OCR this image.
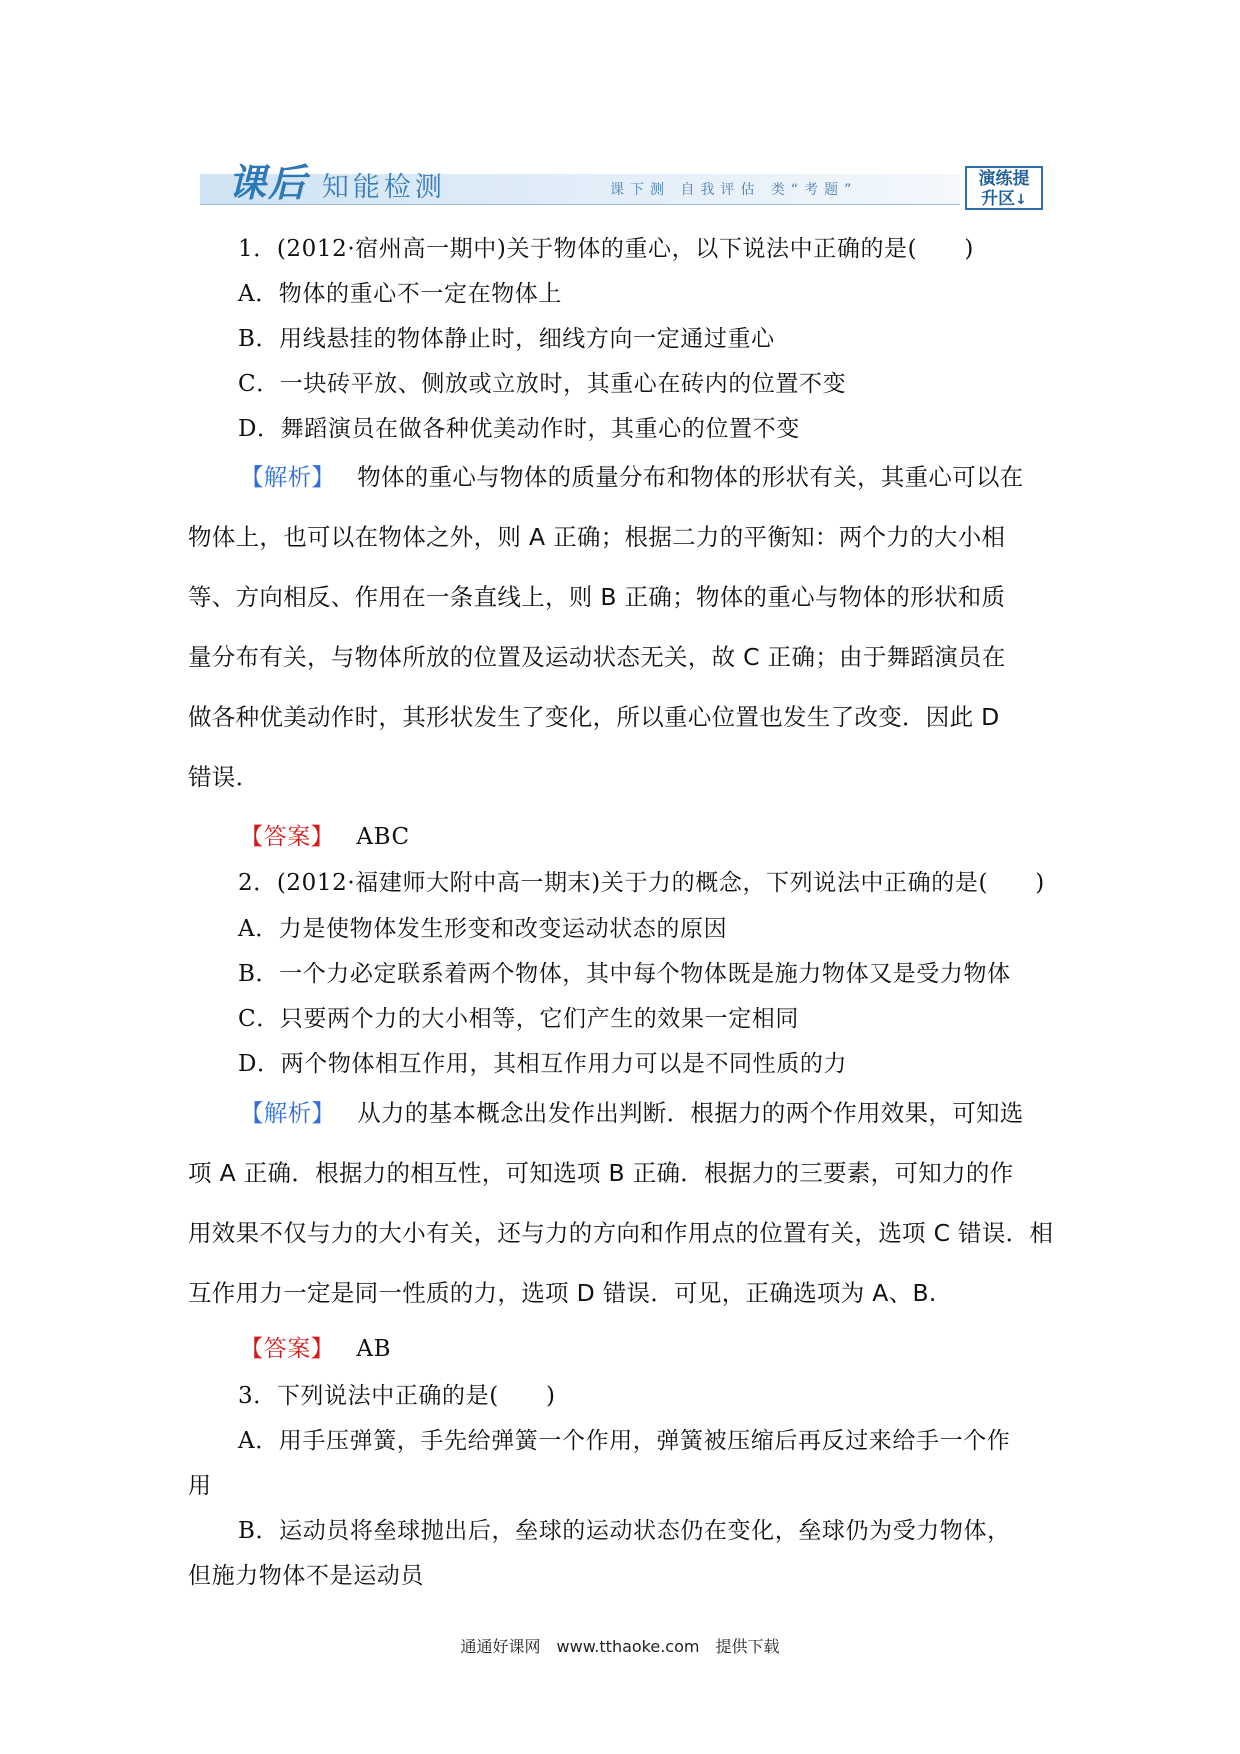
课后 知能检测	课下测 自我评估 类“考题”
演练提
升区↓
1．(2012·宿州高一期中)关于物体的重心，以下说法中正确的是(　　)
A．物体的重心不一定在物体上
B．用线悬挂的物体静止时，细线方向一定通过重心
C．一块砖平放、侧放或立放时，其重心在砖内的位置不变
D．舞蹈演员在做各种优美动作时，其重心的位置不变
【解析】 物体的重心与物体的质量分布和物体的形状有关，其重心可以在
物体上，也可以在物体之外，则 A 正确；根据二力的平衡知：两个力的大小相
等、方向相反、作用在一条直线上，则 B 正确；物体的重心与物体的形状和质
量分布有关，与物体所放的位置及运动状态无关，故 C 正确；由于舞蹈演员在
做各种优美动作时，其形状发生了变化，所以重心位置也发生了改变．因此 D
错误．
【答案】 ABC
2．(2012·福建师大附中高一期末)关于力的概念，下列说法中正确的是(　　)
A．力是使物体发生形变和改变运动状态的原因
B．一个力必定联系着两个物体，其中每个物体既是施力物体又是受力物体
C．只要两个力的大小相等，它们产生的效果一定相同
D．两个物体相互作用，其相互作用力可以是不同性质的力
【解析】 从力的基本概念出发作出判断．根据力的两个作用效果，可知选
项 A 正确．根据力的相互性，可知选项 B 正确．根据力的三要素，可知力的作
用效果不仅与力的大小有关，还与力的方向和作用点的位置有关，选项 C 错误．相
互作用力一定是同一性质的力，选项 D 错误．可见，正确选项为 A、B.
【答案】 AB
3．下列说法中正确的是(　　)
A．用手压弹簧，手先给弹簧一个作用，弹簧被压缩后再反过来给手一个作
用
B．运动员将垒球抛出后，垒球的运动状态仍在变化，垒球仍为受力物体，
但施力物体不是运动员
通通好课网　www.tthaoke.com　提供下载
